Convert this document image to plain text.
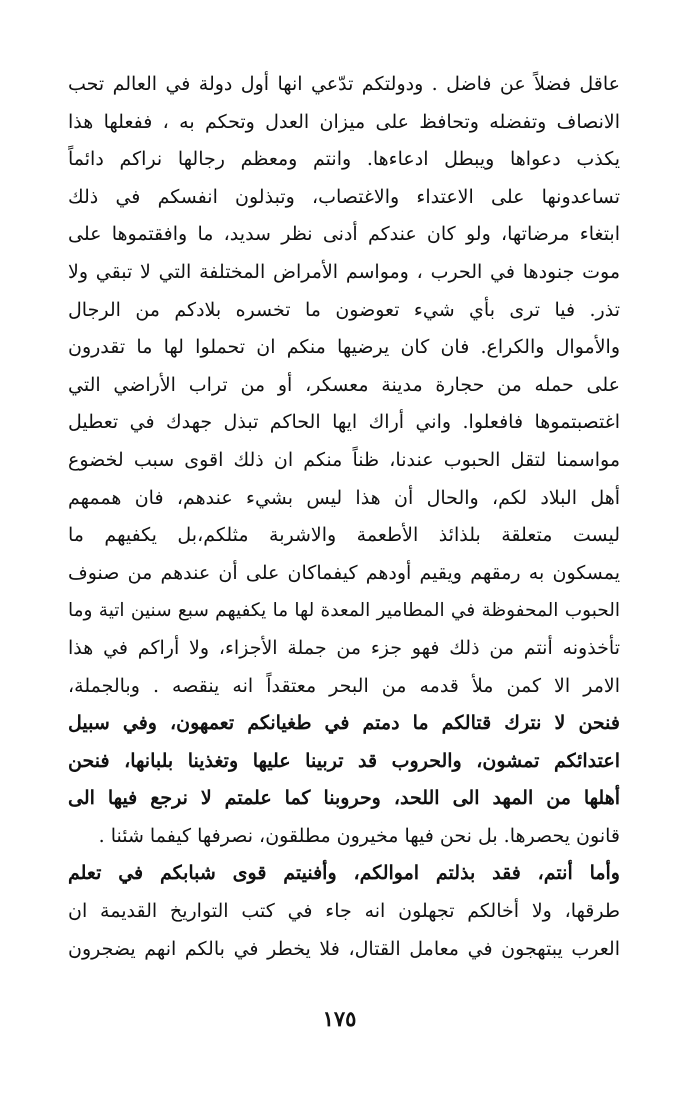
عاقل فضلاً عن فاضل . ودولتكم تدّعي انها أول دولة في العالم تحب
الانصاف وتفضله وتحافظ على ميزان العدل وتحكم به ، ففعلها هذا
يكذب دعواها ويبطل ادعاءها. وانتم ومعظم رجالها نراكم دائماً
تساعدونها على الاعتداء والاغتصاب، وتبذلون انفسكم في ذلك
ابتغاء مرضاتها، ولو كان عندكم أدنى نظر سديد، ما وافقتموها على
موت جنودها في الحرب ، ومواسم الأمراض المختلفة التي لا تبقي ولا
تذر. فيا ترى بأي شيء تعوضون ما تخسره بلادكم من الرجال
والأموال والكراع. فان كان يرضيها منكم ان تحملوا لها ما تقدرون
على حمله من حجارة مدينة معسكر، أو من تراب الأراضي التي
اغتصبتموها فافعلوا. واني أراك ايها الحاكم تبذل جهدك في تعطيل
مواسمنا لتقل الحبوب عندنا، ظناً منكم ان ذلك اقوى سبب لخضوع
أهل البلاد لكم، والحال أن هذا ليس بشيء عندهم، فان هممهم
ليست متعلقة بلذائذ الأطعمة والاشربة مثلكم،بل يكفيهم ما
يمسكون به رمقهم ويقيم أودهم كيفماكان على أن عندهم من صنوف
الحبوب المحفوظة في المطامير المعدة لها ما يكفيهم سبع سنين اتية وما
تأخذونه أنتم من ذلك فهو جزء من جملة الأجزاء، ولا أراكم في هذا
الامر الا كمن ملأ قدمه من البحر معتقداً انه ينقصه . وبالجملة،
فنحن لا نترك قتالكم ما دمتم في طغيانكم تعمهون، وفي سبيل
اعتدائكم تمشون، والحروب قد تربينا عليها وتغذينا بلبانها، فنحن
أهلها من المهد الى اللحد، وحروبنا كما علمتم لا نرجع فيها الى
قانون يحصرها. بل نحن فيها مخيرون مطلقون، نصرفها كيفما شئنا .
وأما أنتم، فقد بذلتم اموالكم، وأفنيتم قوى شبابكم في تعلم
طرقها، ولا أخالكم تجهلون انه جاء في كتب التواريخ القديمة ان
العرب يبتهجون في معامل القتال، فلا يخطر في بالكم انهم يضجرون
١٧٥
